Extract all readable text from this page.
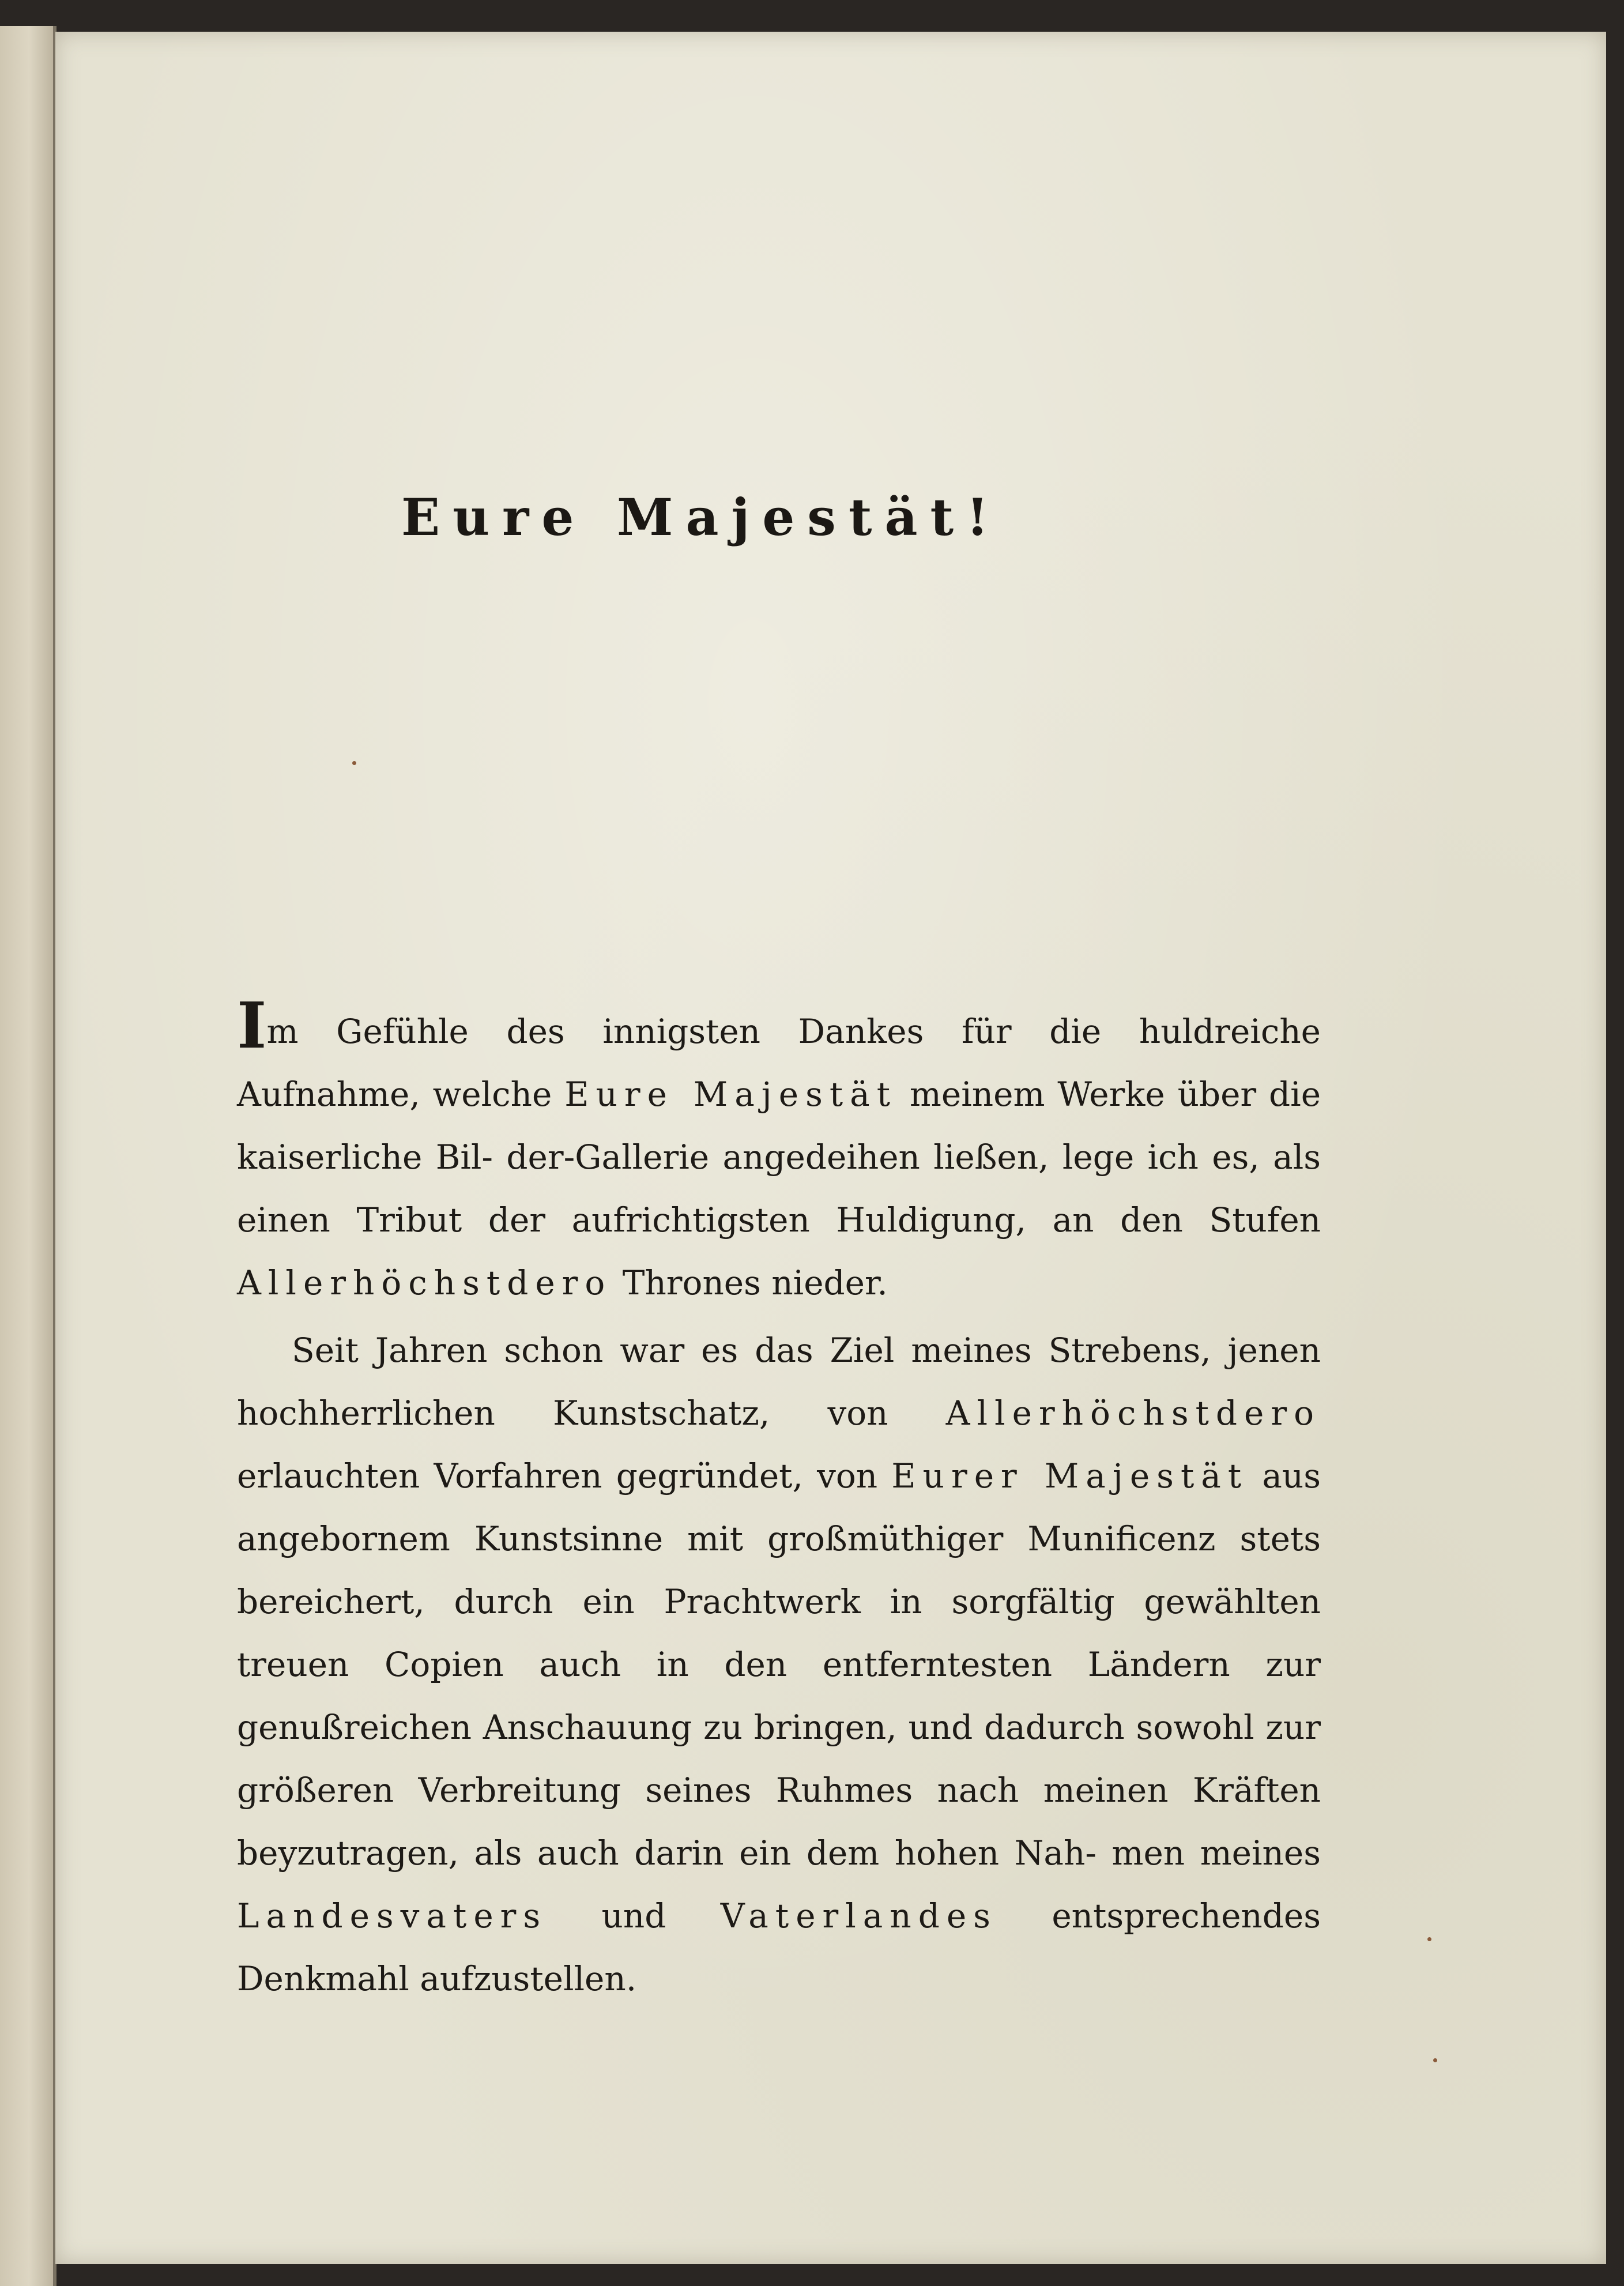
Eure Majestät!

Im Gefühle des innigsten Dankes für die huldreiche Aufnahme, welche Eure Majestät meinem Werke über die kaiserliche Bil- der-Gallerie angedeihen ließen, lege ich es, als einen Tribut der aufrichtigsten Huldigung, an den Stufen Allerhöchstdero Thrones nieder.

Seit Jahren schon war es das Ziel meines Strebens, jenen hochherrlichen Kunstschatz, von Allerhöchstdero erlauchten Vorfahren gegründet, von Eurer Majestät aus angebornem Kunstsinne mit großmüthiger Munificenz stets bereichert, durch ein Prachtwerk in sorgfältig gewählten treuen Copien auch in den entferntesten Ländern zur genußreichen Anschauung zu bringen, und dadurch sowohl zur größeren Verbreitung seines Ruhmes nach meinen Kräften beyzutragen, als auch darin ein dem hohen Nah- men meines Landesvaters und Vaterlandes entsprechendes Denkmahl aufzustellen.
